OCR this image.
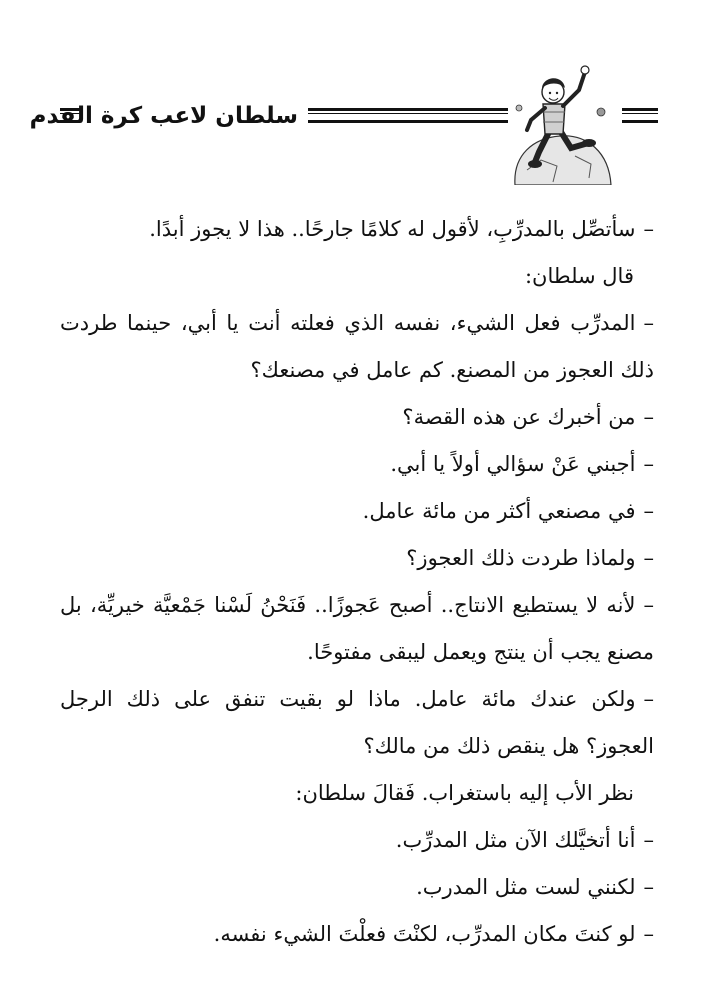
سلطان لاعب كرة القدم

– سأتصِّل بالمدرِّبِ، لأقول له كلامًا جارحًا.. هذا لا يجوز أبدًا.

قال سلطان:

– المدرِّب فعل الشيء، نفسه الذي فعلته أنت يا أبي، حينما طردت ذلك العجوز من المصنع. كم عامل في مصنعك؟

– من أخبرك عن هذه القصة؟

– أجبني عَنْ سؤالي أولاً يا أبي.

– في مصنعي أكثر من مائة عامل.

– ولماذا طردت ذلك العجوز؟

– لأنه لا يستطيع الانتاج.. أصبح عَجوزًا.. فَنَحْنُ لَسْنا جَمْعيَّة خيريِّة، بل مصنع يجب أن ينتج ويعمل ليبقى مفتوحًا.

– ولكن عندك مائة عامل. ماذا لو بقيت تنفق على ذلك الرجل العجوز؟ هل ينقص ذلك من مالك؟

نظر الأب إليه باستغراب. فَقالَ سلطان:

– أنا أتخيَّلك الآن مثل المدرِّب.

– لكنني لست مثل المدرب.

– لو كنتَ مكان المدرِّب، لكنْتَ فعلْتَ الشيء نفسه.
